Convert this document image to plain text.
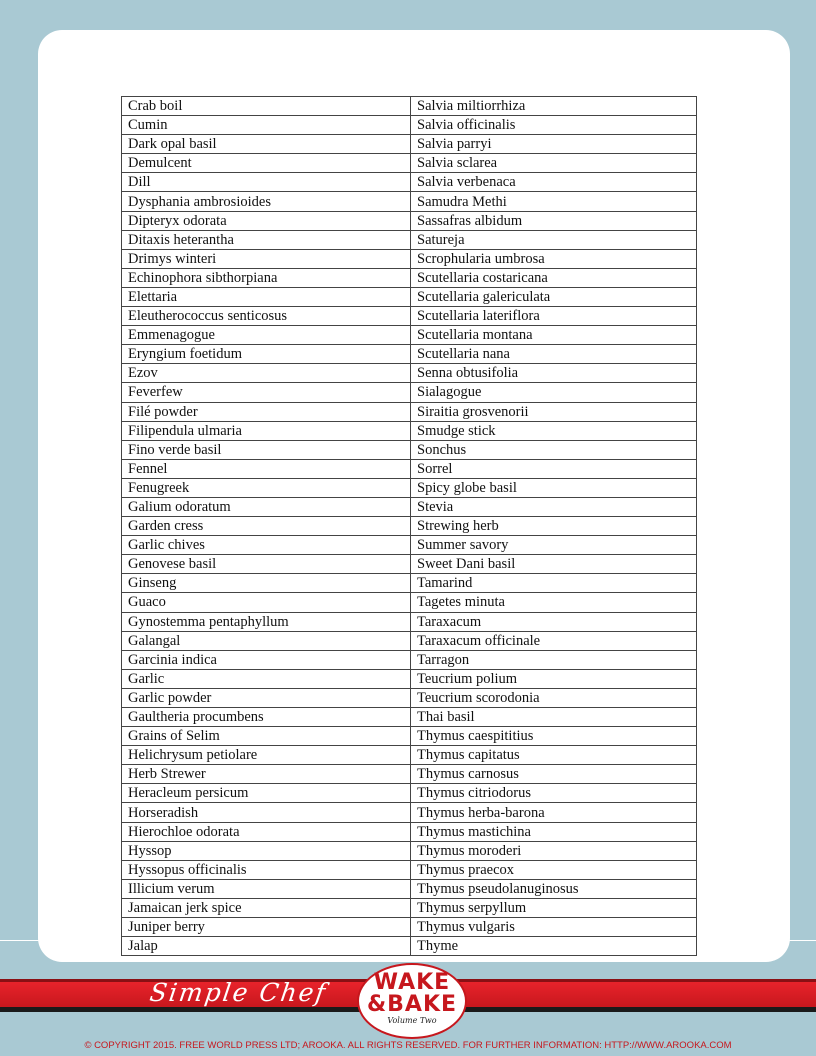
Crab boil	Salvia miltiorrhiza
Cumin	Salvia officinalis
Dark opal basil	Salvia parryi
Demulcent	Salvia sclarea
Dill	Salvia verbenaca
Dysphania ambrosioides	Samudra Methi
Dipteryx odorata	Sassafras albidum
Ditaxis heterantha	Satureja
Drimys winteri	Scrophularia umbrosa
Echinophora sibthorpiana	Scutellaria costaricana
Elettaria	Scutellaria galericulata
Eleutherococcus senticosus	Scutellaria lateriflora
Emmenagogue	Scutellaria montana
Eryngium foetidum	Scutellaria nana
Ezov	Senna obtusifolia
Feverfew	Sialagogue
Filé powder	Siraitia grosvenorii
Filipendula ulmaria	Smudge stick
Fino verde basil	Sonchus
Fennel	Sorrel
Fenugreek	Spicy globe basil
Galium odoratum	Stevia
Garden cress	Strewing herb
Garlic chives	Summer savory
Genovese basil	Sweet Dani basil
Ginseng	Tamarind
Guaco	Tagetes minuta
Gynostemma pentaphyllum	Taraxacum
Galangal	Taraxacum officinale
Garcinia indica	Tarragon
Garlic	Teucrium polium
Garlic powder	Teucrium scorodonia
Gaultheria procumbens	Thai basil
Grains of Selim	Thymus caespititius
Helichrysum petiolare	Thymus capitatus
Herb Strewer	Thymus carnosus
Heracleum persicum	Thymus citriodorus
Horseradish	Thymus herba-barona
Hierochloe odorata	Thymus mastichina
Hyssop	Thymus moroderi
Hyssopus officinalis	Thymus praecox
Illicium verum	Thymus pseudolanuginosus
Jamaican jerk spice	Thymus serpyllum
Juniper berry	Thymus vulgaris
Jalap	Thyme
Simple Chef	WAKE
&BAKE
Volume Two
© COPYRIGHT 2015. FREE WORLD PRESS LTD; AROOKA. ALL RIGHTS RESERVED. FOR FURTHER INFORMATION: HTTP://WWW.AROOKA.COM
